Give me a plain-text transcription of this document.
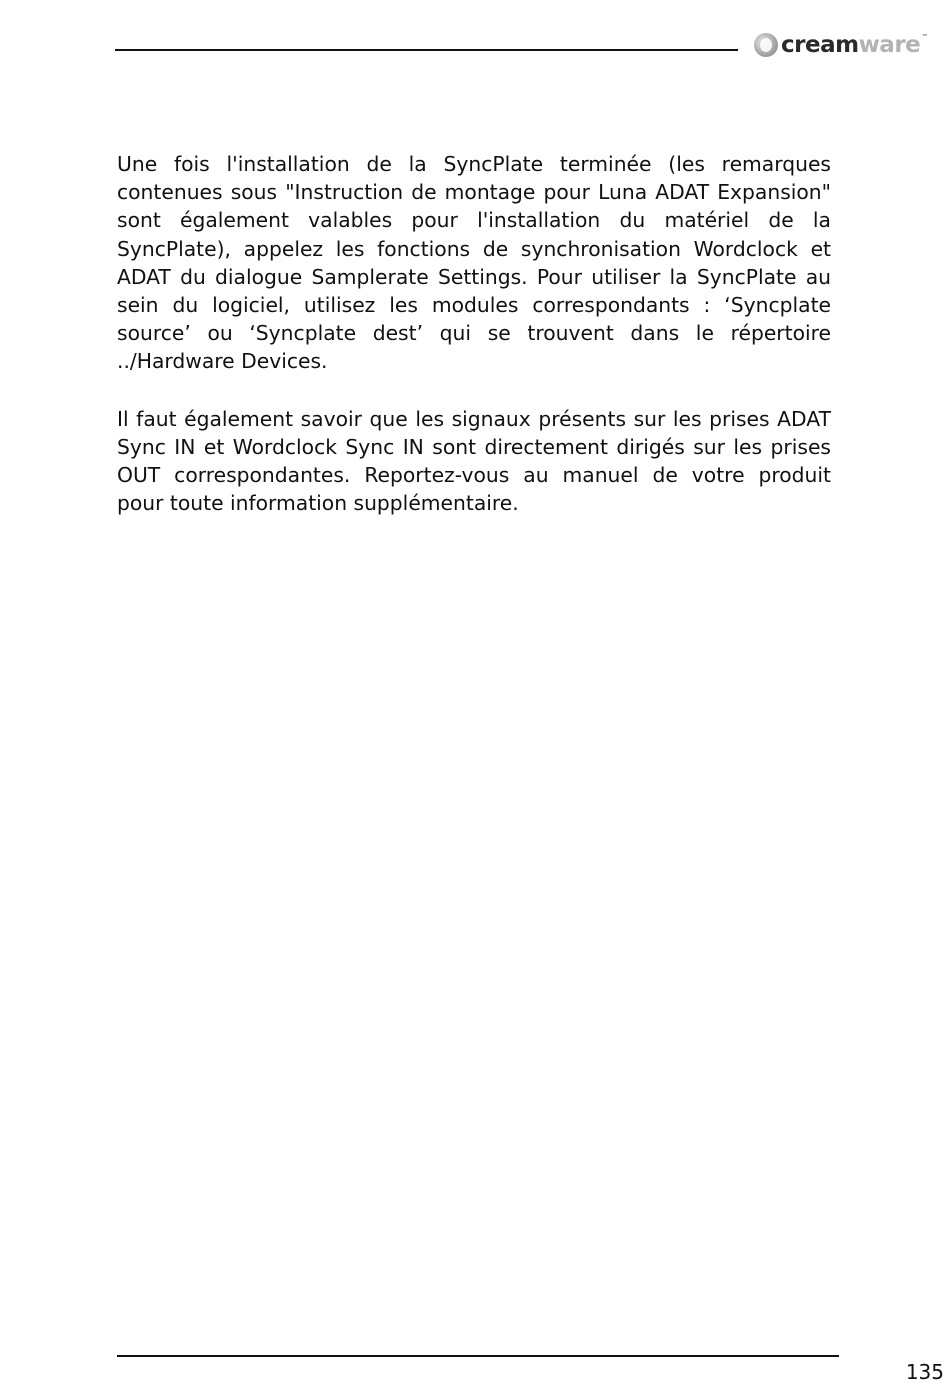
cream ware ™

Une fois l'installation de la SyncPlate terminée (les remarques contenues sous "Instruction de montage pour Luna ADAT Expansion" sont également valables pour l'installation du matériel de la SyncPlate), appelez les fonctions de synchronisation Wordclock et ADAT du dialogue Samplerate Settings. Pour utiliser la SyncPlate au sein du logiciel, utilisez les modules correspondants : ‘Syncplate source’ ou ‘Syncplate dest’ qui se trouvent dans le répertoire ../Hardware Devices.

Il faut également savoir que les signaux présents sur les prises ADAT Sync IN et Wordclock Sync IN sont directement dirigés sur les prises OUT correspondantes. Reportez-vous au manuel de votre produit pour toute information supplémentaire.

135
